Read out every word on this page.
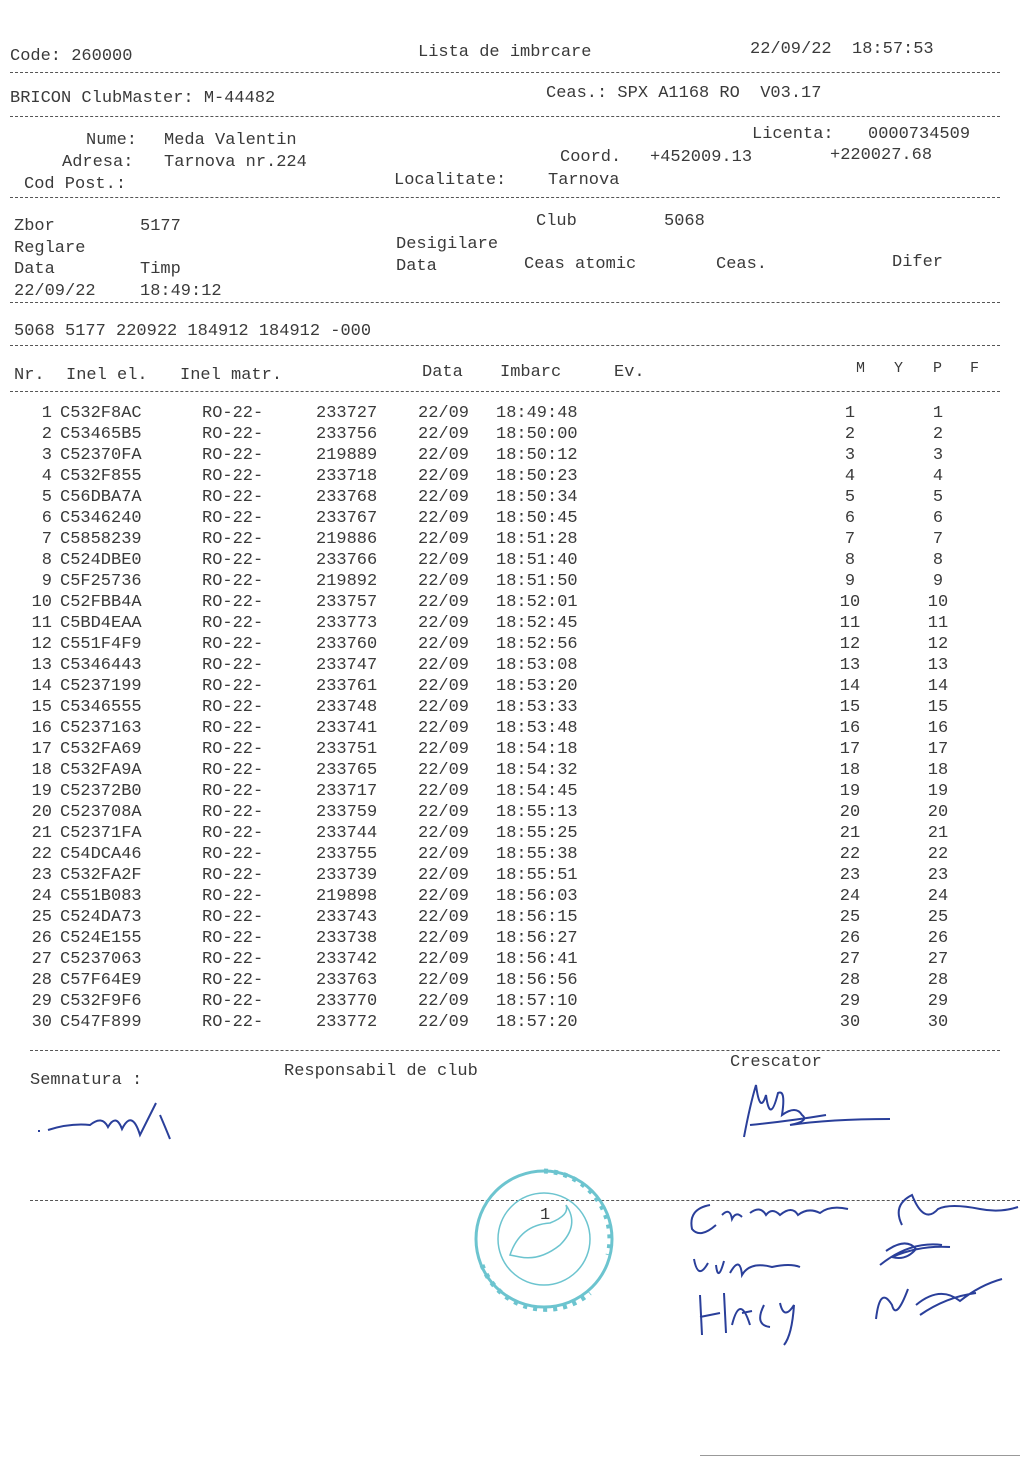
Code: 260000	Lista de imbrcare	22/09/22  18:57:53
BRICON ClubMaster: M-44482	Ceas.: SPX A1168 RO  V03.17
Nume: Meda Valentin	Licenta: 0000734509
Adresa: Tarnova nr.224	Coord. +452009.13	+220027.68
Cod Post.:	Localitate: Tarnova
Zbor	5177	Club	5068
Reglare	Desigilare
Data	Timp	Data	Ceas atomic	Ceas.	Difer
22/09/22	18:49:12
5068 5177 220922 184912 184912 -000
Nr. Inel el. Inel matr.	Data Imbarc	Ev.	M Y P F
1 C532F8AC	RO-22-	233727 22/09 18:49:48	1	1
2 C53465B5	RO-22-	233756 22/09 18:50:00	2	2
3 C52370FA	RO-22-	219889 22/09 18:50:12	3	3
4 C532F855	RO-22-	233718 22/09 18:50:23	4	4
5 C56DBA7A	RO-22-	233768 22/09 18:50:34	5	5
6 C5346240	RO-22-	233767 22/09 18:50:45	6	6
7 C5858239	RO-22-	219886 22/09 18:51:28	7	7
8 C524DBE0	RO-22-	233766 22/09 18:51:40	8	8
9 C5F25736	RO-22-	219892 22/09 18:51:50	9	9
10 C52FBB4A	RO-22-	233757 22/09 18:52:01	10	10
11 C5BD4EAA	RO-22-	233773 22/09 18:52:45	11	11
12 C551F4F9	RO-22-	233760 22/09 18:52:56	12	12
13 C5346443	RO-22-	233747 22/09 18:53:08	13	13
14 C5237199	RO-22-	233761 22/09 18:53:20	14	14
15 C5346555	RO-22-	233748 22/09 18:53:33	15	15
16 C5237163	RO-22-	233741 22/09 18:53:48	16	16
17 C532FA69	RO-22-	233751 22/09 18:54:18	17	17
18 C532FA9A	RO-22-	233765 22/09 18:54:32	18	18
19 C52372B0	RO-22-	233717 22/09 18:54:45	19	19
20 C523708A	RO-22-	233759 22/09 18:55:13	20	20
21 C52371FA	RO-22-	233744 22/09 18:55:25	21	21
22 C54DCA46	RO-22-	233755 22/09 18:55:38	22	22
23 C532FA2F	RO-22-	233739 22/09 18:55:51	23	23
24 C551B083	RO-22-	219898 22/09 18:56:03	24	24
25 C524DA73	RO-22-	233743 22/09 18:56:15	25	25
26 C524E155	RO-22-	233738 22/09 18:56:27	26	26
27 C5237063	RO-22-	233742 22/09 18:56:41	27	27
28 C57F64E9	RO-22-	233763 22/09 18:56:56	28	28
29 C532F9F6	RO-22-	233770 22/09 18:57:10	29	29
30 C547F899	RO-22-	233772 22/09 18:57:20	30	30
Semnatura :	Responsabil de club	Crescator
1
